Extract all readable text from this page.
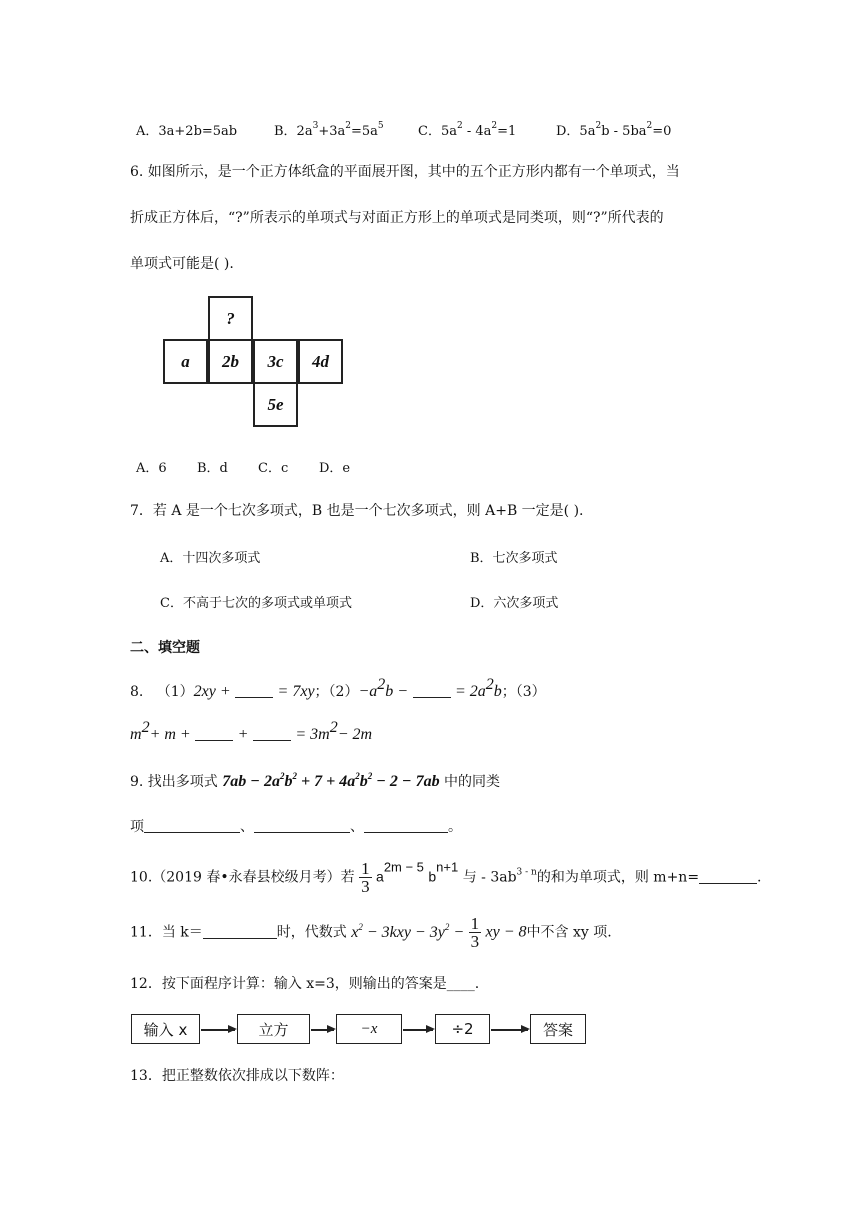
A．3a+2b=5ab	B．$2a^3+3a^2=5a^5$	C．$5a^2 - 4a^2=1$	D．$5a^2b - 5ba^2=0$
6. 如图所示，是一个正方体纸盒的平面展开图，其中的五个正方形内都有一个单项式，当
折成正方体后，“?”所表示的单项式与对面正方形上的单项式是同类项，则“?”所代表的
单项式可能是( ).
?
a	2b	3c	4d
5e
A．6 B．d C．c D．e
7．若 A 是一个七次多项式，B 也是一个七次多项式，则 A+B 一定是( ).
A．十四次多项式	B．七次多项式
C．不高于七次的多项式或单项式	D．六次多项式
二、填空题
8. （1）2xy +	= 7xy；$(2)-a^2b$ −	= $2a^2b$；（3）
$m^2+ m$ +	+	= $3m^2- 2m$
9. 找出多项式 $7ab - 2a^2b^2 + 7 + 4a^2b^2 - 2 - 7ab$ 中的同类
项	、	、	。
10.（2019 春•永春县校级月考）若 $\frac{1}{3} a^{2m - 5}$ $b^{n+1}$ 与 - $3ab^{3 - n}$的和为单项式，则 m+n=	.
11．当 k＝	时，代数式 $x^2 - 3kxy - 3y^2 - \frac{1}{3}$ xy − 8中不含 xy 项.
12．按下面程序计算：输入 x=3，则输出的答案是____.
输入 x	立方	−x	÷2	答案
13．把正整数依次排成以下数阵：
